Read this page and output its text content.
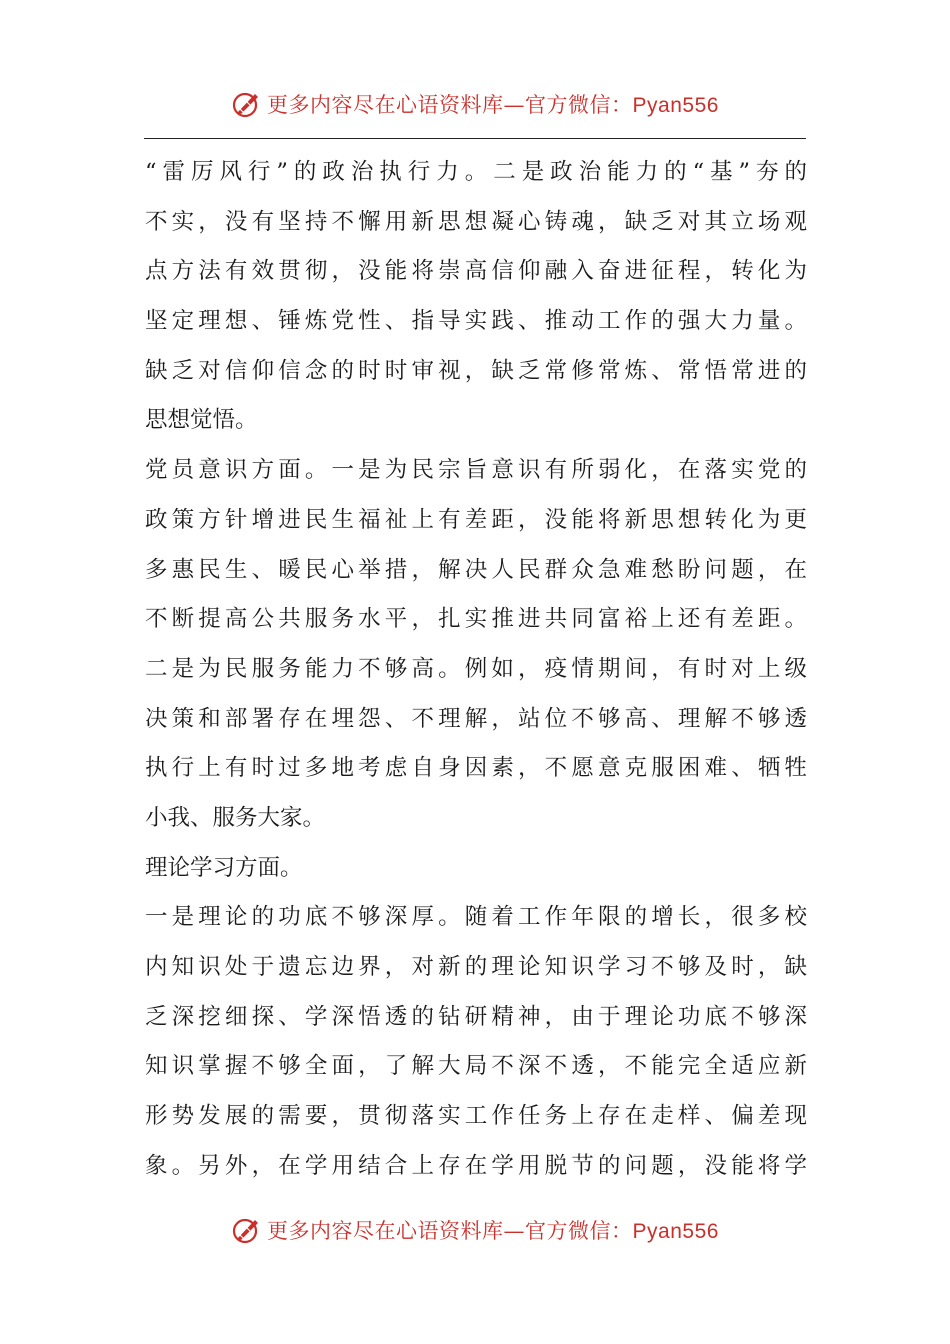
更多内容尽在心语资料库—官方微信：Pyan556
“雷厉风行”的政治执行力。二是政治能力的“基”夯的
不实，没有坚持不懈用新思想凝心铸魂，缺乏对其立场观
点方法有效贯彻，没能将崇高信仰融入奋进征程，转化为
坚定理想、锤炼党性、指导实践、推动工作的强大力量。
缺乏对信仰信念的时时审视，缺乏常修常炼、常悟常进的
思想觉悟。
党员意识方面。一是为民宗旨意识有所弱化，在落实党的
政策方针增进民生福祉上有差距，没能将新思想转化为更
多惠民生、暖民心举措，解决人民群众急难愁盼问题，在
不断提高公共服务水平，扎实推进共同富裕上还有差距。
二是为民服务能力不够高。例如，疫情期间，有时对上级
决策和部署存在埋怨、不理解，站位不够高、理解不够透
执行上有时过多地考虑自身因素，不愿意克服困难、牺牲
小我、服务大家。
理论学习方面。
一是理论的功底不够深厚。随着工作年限的增长，很多校
内知识处于遗忘边界，对新的理论知识学习不够及时，缺
乏深挖细探、学深悟透的钻研精神，由于理论功底不够深
知识掌握不够全面，了解大局不深不透，不能完全适应新
形势发展的需要，贯彻落实工作任务上存在走样、偏差现
象。另外，在学用结合上存在学用脱节的问题，没能将学
更多内容尽在心语资料库—官方微信：Pyan556
